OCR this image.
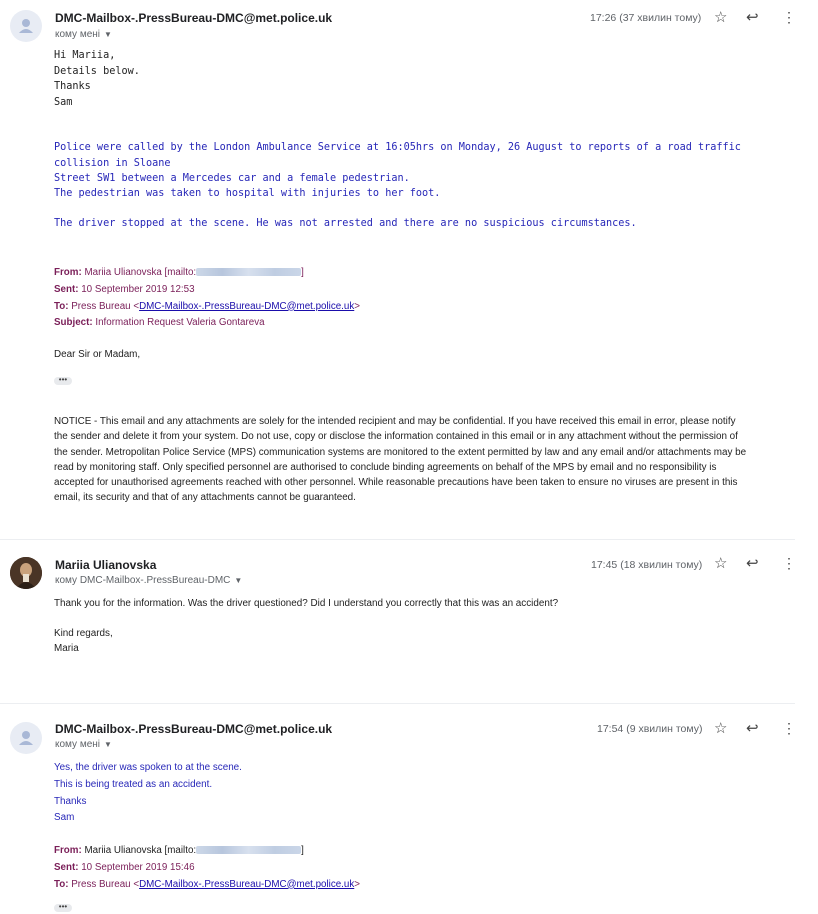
DMC-Mailbox-.PressBureau-DMC@met.police.uk
кому мені ▼
17:26 (37 хвилин тому) ☆ ↩ ⋮
Hi Mariia,
Details below.
Thanks
Sam
Police were called by the London Ambulance Service at 16:05hrs on Monday, 26 August to reports of a road traffic collision in Sloane
Street SW1 between a Mercedes car and a female pedestrian.
The pedestrian was taken to hospital with injuries to her foot.
The driver stopped at the scene. He was not arrested and there are no suspicious circumstances.
From: Mariia Ulianovska [mailto:	]
Sent: 10 September 2019 12:53
To: Press Bureau <DMC-Mailbox-.PressBureau-DMC@met.police.uk>
Subject: Information Request Valeria Gontareva
Dear Sir or Madam,
•••
NOTICE - This email and any attachments are solely for the intended recipient and may be confidential. If you have received this email in error, please notify
the sender and delete it from your system. Do not use, copy or disclose the information contained in this email or in any attachment without the permission of
the sender. Metropolitan Police Service (MPS) communication systems are monitored to the extent permitted by law and any email and/or attachments may be
read by monitoring staff. Only specified personnel are authorised to conclude binding agreements on behalf of the MPS by email and no responsibility is
accepted for unauthorised agreements reached with other personnel. While reasonable precautions have been taken to ensure no viruses are present in this
email, its security and that of any attachments cannot be guaranteed.
Mariia Ulianovska
кому DMC-Mailbox-.PressBureau-DMC ▼
17:45 (18 хвилин тому) ☆ ↩ ⋮
Thank you for the information. Was the driver questioned? Did I understand you correctly that this was an accident?
Kind regards,
Maria
DMC-Mailbox-.PressBureau-DMC@met.police.uk
кому мені ▼
17:54 (9 хвилин тому) ☆ ↩ ⋮
Yes, the driver was spoken to at the scene.
This is being treated as an accident.
Thanks
Sam
From: Mariia Ulianovska [mailto:	]
Sent: 10 September 2019 15:46
To: Press Bureau <DMC-Mailbox-.PressBureau-DMC@met.police.uk>
•••
